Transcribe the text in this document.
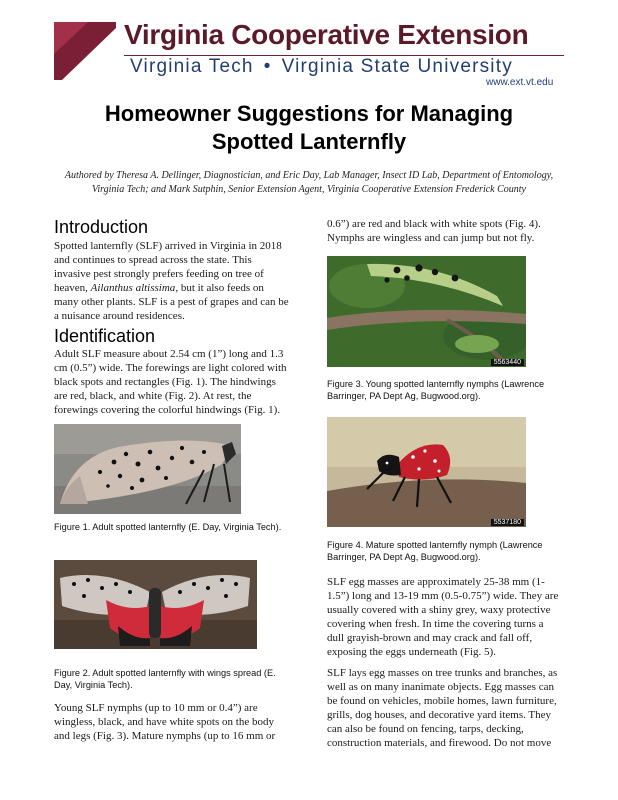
Virginia Cooperative Extension
Virginia Tech • Virginia State University
www.ext.vt.edu
Homeowner Suggestions for Managing
Spotted Lanternfly
Authored by Theresa A. Dellinger, Diagnostician, and Eric Day, Lab Manager, Insect ID Lab, Department of Entomology,
Virginia Tech; and Mark Sutphin, Senior Extension Agent, Virginia Cooperative Extension Frederick County
Introduction
Spotted lanternfly (SLF) arrived in Virginia in 2018 and continues to spread across the state. This invasive pest strongly prefers feeding on tree of heaven, Ailanthus altissima, but it also feeds on many other plants. SLF is a pest of grapes and can be a nuisance around residences.
Identification
Adult SLF measure about 2.54 cm (1”) long and 1.3 cm (0.5”) wide. The forewings are light colored with black spots and rectangles (Fig. 1). The hindwings are red, black, and white (Fig. 2). At rest, the forewings covering the colorful hindwings (Fig. 1).
Figure 1. Adult spotted lanternfly (E. Day, Virginia Tech).
Figure 2. Adult spotted lanternfly with wings spread (E. Day, Virginia Tech).
Young SLF nymphs (up to 10 mm or 0.4”) are wingless, black, and have white spots on the body and legs (Fig. 3). Mature nymphs (up to 16 mm or
0.6”) are red and black with white spots (Fig. 4). Nymphs are wingless and can jump but not fly.
5563440
Figure 3. Young spotted lanternfly nymphs (Lawrence Barringer, PA Dept Ag, Bugwood.org).
5537180
Figure 4. Mature spotted lanternfly nymph (Lawrence Barringer, PA Dept Ag, Bugwood.org).
SLF egg masses are approximately 25-38 mm (1-1.5”) long and 13-19 mm (0.5-0.75”) wide. They are usually covered with a shiny grey, waxy protective covering when fresh. In time the covering turns a dull grayish-brown and may crack and fall off, exposing the eggs underneath (Fig. 5).
SLF lays egg masses on tree trunks and branches, as well as on many inanimate objects. Egg masses can be found on vehicles, mobile homes, lawn furniture, grills, dog houses, and decorative yard items. They can also be found on fencing, tarps, decking, construction materials, and firewood. Do not move
